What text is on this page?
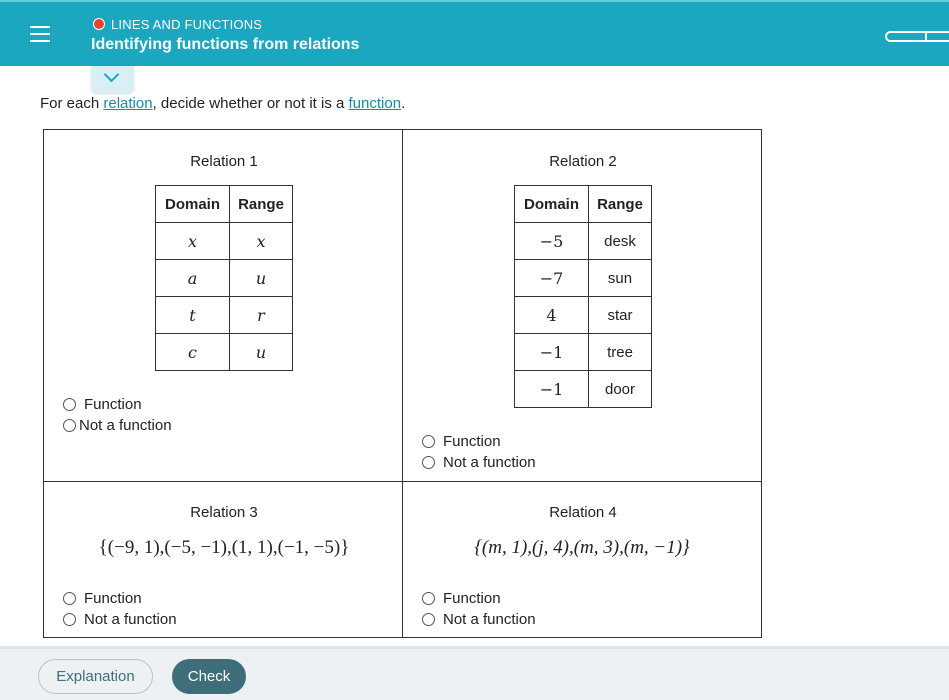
LINES AND FUNCTIONS
Identifying functions from relations
For each relation, decide whether or not it is a function.
Relation 1
Domain	Range
x	x
a	u
t	r
c	u
Function
Not a function
Relation 2
Domain	Range
−5	desk
−7	sun
4	star
−1	tree
−1	door
Function
Not a function
Relation 3
{(−9, 1),(−5, −1),(1, 1),(−1, −5)}
Function
Not a function
Relation 4
{(m, 1),(j, 4),(m, 3),(m, −1)}
Function
Not a function
Explanation	Check
